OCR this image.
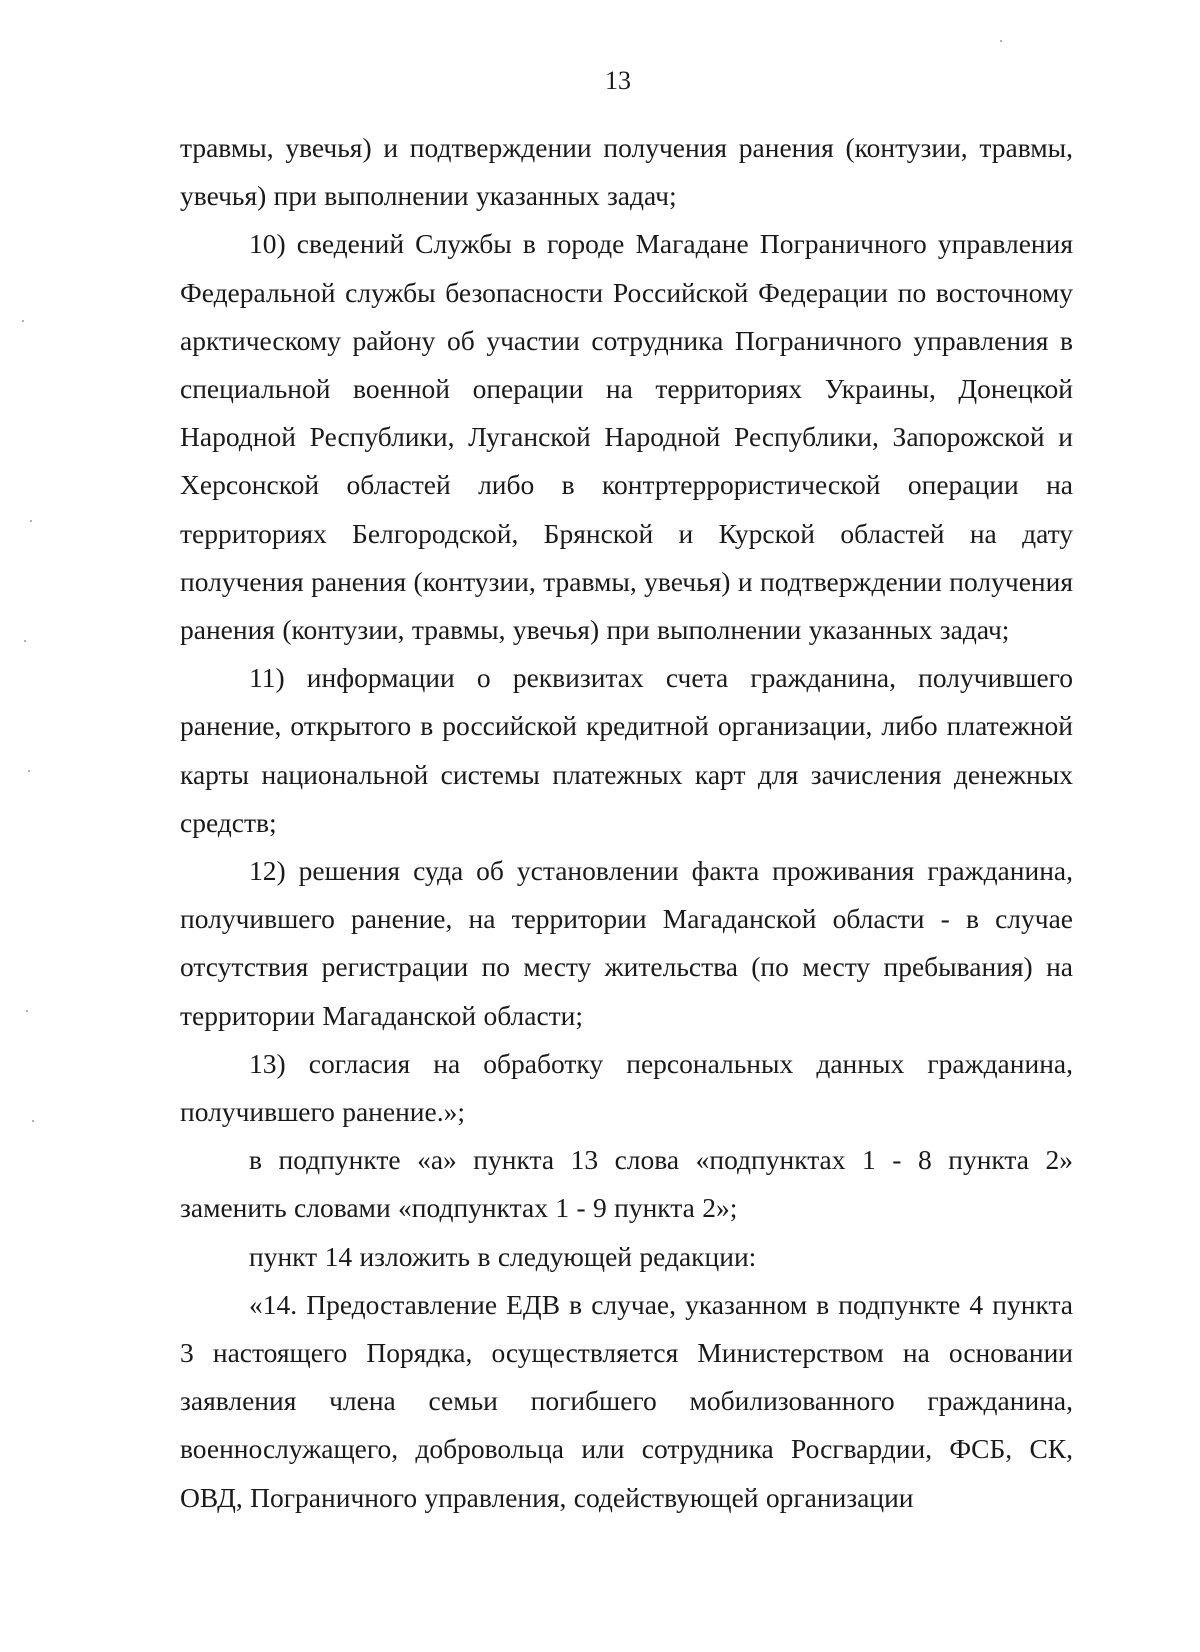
13

травмы, увечья) и подтверждении получения ранения (контузии, травмы, увечья) при выполнении указанных задач;

10) сведений Службы в городе Магадане Пограничного управления Федеральной службы безопасности Российской Федерации по восточному арктическому району об участии сотрудника Пограничного управления в специальной военной операции на территориях Украины, Донецкой Народной Республики, Луганской Народной Республики, Запорожской и Херсонской областей либо в контртеррористической операции на территориях Белгородской, Брянской и Курской областей на дату получения ранения (контузии, травмы, увечья) и подтверждении получения ранения (контузии, травмы, увечья) при выполнении указанных задач;

11) информации о реквизитах счета гражданина, получившего ранение, открытого в российской кредитной организации, либо платежной карты национальной системы платежных карт для зачисления денежных средств;

12) решения суда об установлении факта проживания гражданина, получившего ранение, на территории Магаданской области - в случае отсутствия регистрации по месту жительства (по месту пребывания) на территории Магаданской области;

13) согласия на обработку персональных данных гражданина, получившего ранение.»;

в подпункте «а» пункта 13 слова «подпунктах 1 - 8 пункта 2» заменить словами «подпунктах 1 - 9 пункта 2»;

пункт 14 изложить в следующей редакции:

«14. Предоставление ЕДВ в случае, указанном в подпункте 4 пункта 3 настоящего Порядка, осуществляется Министерством на основании заявления члена семьи погибшего мобилизованного гражданина, военнослужащего, добровольца или сотрудника Росгвардии, ФСБ, СК, ОВД, Пограничного управления, содействующей организации
